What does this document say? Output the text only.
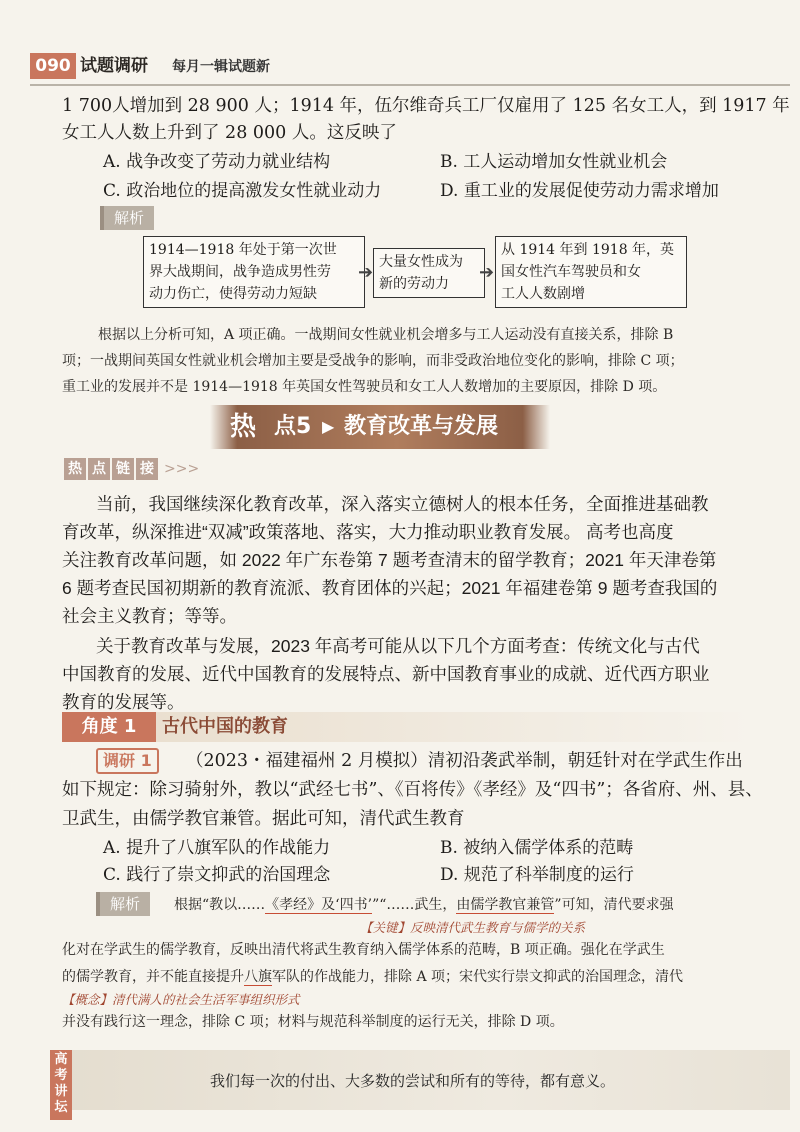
090 试题调研 每月一辑试题新
1 700人增加到 28 900 人；1914 年，伍尔维奇兵工厂仅雇用了 125 名女工人，到 1917 年
女工人人数上升到了 28 000 人。这反映了
A. 战争改变了劳动力就业结构	B. 工人运动增加女性就业机会
C. 政治地位的提高激发女性就业动力	D. 重工业的发展促使劳动力需求增加
解析
1914—1918 年处于第一次世
界大战期间，战争造成男性劳
动力伤亡，使得劳动力短缺
➔ 大量女性成为
新的劳动力
➔
从 1914 年到 1918 年，英
国女性汽车驾驶员和女
工人人数剧增
根据以上分析可知，A 项正确。一战期间女性就业机会增多与工人运动没有直接关系，排除 B
项；一战期间英国女性就业机会增加主要是受战争的影响，而非受政治地位变化的影响，排除 C 项；
重工业的发展并不是 1914—1918 年英国女性驾驶员和女工人人数增加的主要原因，排除 D 项。
热 点5 ▶ 教育改革与发展
热 点 链 接 >>>
当前，我国继续深化教育改革，深入落实立德树人的根本任务，全面推进基础教
育改革，纵深推进“双减”政策落地、落实，大力推动职业教育发展。 高考也高度
关注教育改革问题，如 2022 年广东卷第 7 题考查清末的留学教育；2021 年天津卷第
6 题考查民国初期新的教育流派、教育团体的兴起；2021 年福建卷第 9 题考查我国的
社会主义教育；等等。
关于教育改革与发展，2023 年高考可能从以下几个方面考查：传统文化与古代
中国教育的发展、近代中国教育的发展特点、新中国教育事业的成就、近代西方职业
教育的发展等。
角度 1	古代中国的教育
调研 1	（2023・福建福州 2 月模拟）清初沿袭武举制，朝廷针对在学武生作出
如下规定：除习骑射外，教以“武经七书”、《百将传》《孝经》及“四书”；各省府、州、县、
卫武生，由儒学教官兼管。据此可知，清代武生教育
A. 提升了八旗军队的作战能力	B. 被纳入儒学体系的范畴
C. 践行了崇文抑武的治国理念	D. 规范了科举制度的运行
解析	根据“教以……《孝经》及‘四书’”“……武生，由儒学教官兼管”可知，清代要求强
【关键】反映清代武生教育与儒学的关系
化对在学武生的儒学教育，反映出清代将武生教育纳入儒学体系的范畴，B 项正确。强化在学武生
的儒学教育，并不能直接提升八旗军队的作战能力，排除 A 项；宋代实行崇文抑武的治国理念，清代
【概念】清代满人的社会生活军事组织形式
并没有践行这一理念，排除 C 项；材料与规范科举制度的运行无关，排除 D 项。
高考讲坛
我们每一次的付出、大多数的尝试和所有的等待，都有意义。
